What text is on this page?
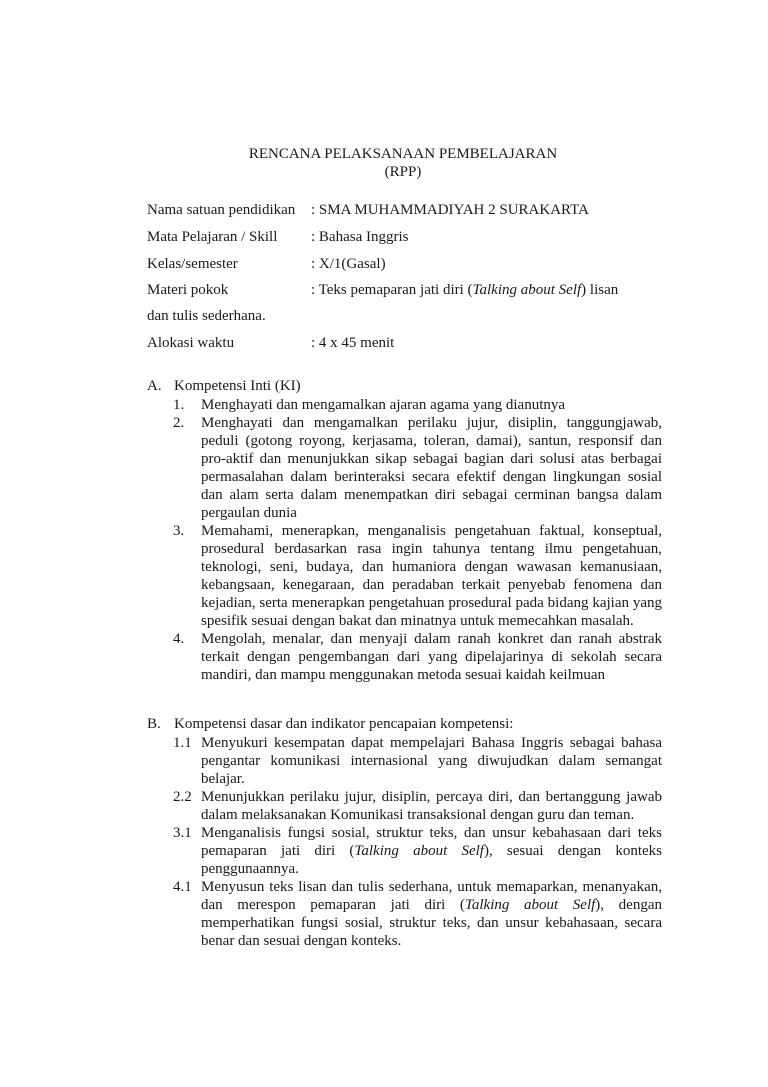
RENCANA PELAKSANAAN PEMBELAJARAN
(RPP)
Nama satuan pendidikan : SMA MUHAMMADIYAH 2 SURAKARTA
Mata Pelajaran / Skill : Bahasa Inggris
Kelas/semester	: X/1(Gasal)
Materi pokok	: Teks pemaparan jati diri (Talking about Self) lisan
dan tulis sederhana.
Alokasi waktu	: 4 x 45 menit
A. Kompetensi Inti (KI)
1. Menghayati dan mengamalkan ajaran agama yang dianutnya
2. Menghayati dan mengamalkan perilaku jujur, disiplin, tanggungjawab, peduli (gotong royong, kerjasama, toleran, damai), santun, responsif dan pro-aktif dan menunjukkan sikap sebagai bagian dari solusi atas berbagai permasalahan dalam berinteraksi secara efektif dengan lingkungan sosial dan alam serta dalam menempatkan diri sebagai cerminan bangsa dalam pergaulan dunia
3. Memahami, menerapkan, menganalisis pengetahuan faktual, konseptual, prosedural berdasarkan rasa ingin tahunya tentang ilmu pengetahuan, teknologi, seni, budaya, dan humaniora dengan wawasan kemanusiaan, kebangsaan, kenegaraan, dan peradaban terkait penyebab fenomena dan kejadian, serta menerapkan pengetahuan prosedural pada bidang kajian yang spesifik sesuai dengan bakat dan minatnya untuk memecahkan masalah.
4. Mengolah, menalar, dan menyaji dalam ranah konkret dan ranah abstrak terkait dengan pengembangan dari yang dipelajarinya di sekolah secara mandiri, dan mampu menggunakan metoda sesuai kaidah keilmuan
B. Kompetensi dasar dan indikator pencapaian kompetensi:
1.1 Menyukuri kesempatan dapat mempelajari Bahasa Inggris sebagai bahasa pengantar komunikasi internasional yang diwujudkan dalam semangat belajar.
2.2 Menunjukkan perilaku jujur, disiplin, percaya diri, dan bertanggung jawab dalam melaksanakan Komunikasi transaksional dengan guru dan teman.
3.1 Menganalisis fungsi sosial, struktur teks, dan unsur kebahasaan dari teks pemaparan jati diri (Talking about Self), sesuai dengan konteks penggunaannya.
4.1 Menyusun teks lisan dan tulis sederhana, untuk memaparkan, menanyakan, dan merespon pemaparan jati diri (Talking about Self), dengan memperhatikan fungsi sosial, struktur teks, dan unsur kebahasaan, secara benar dan sesuai dengan konteks.
